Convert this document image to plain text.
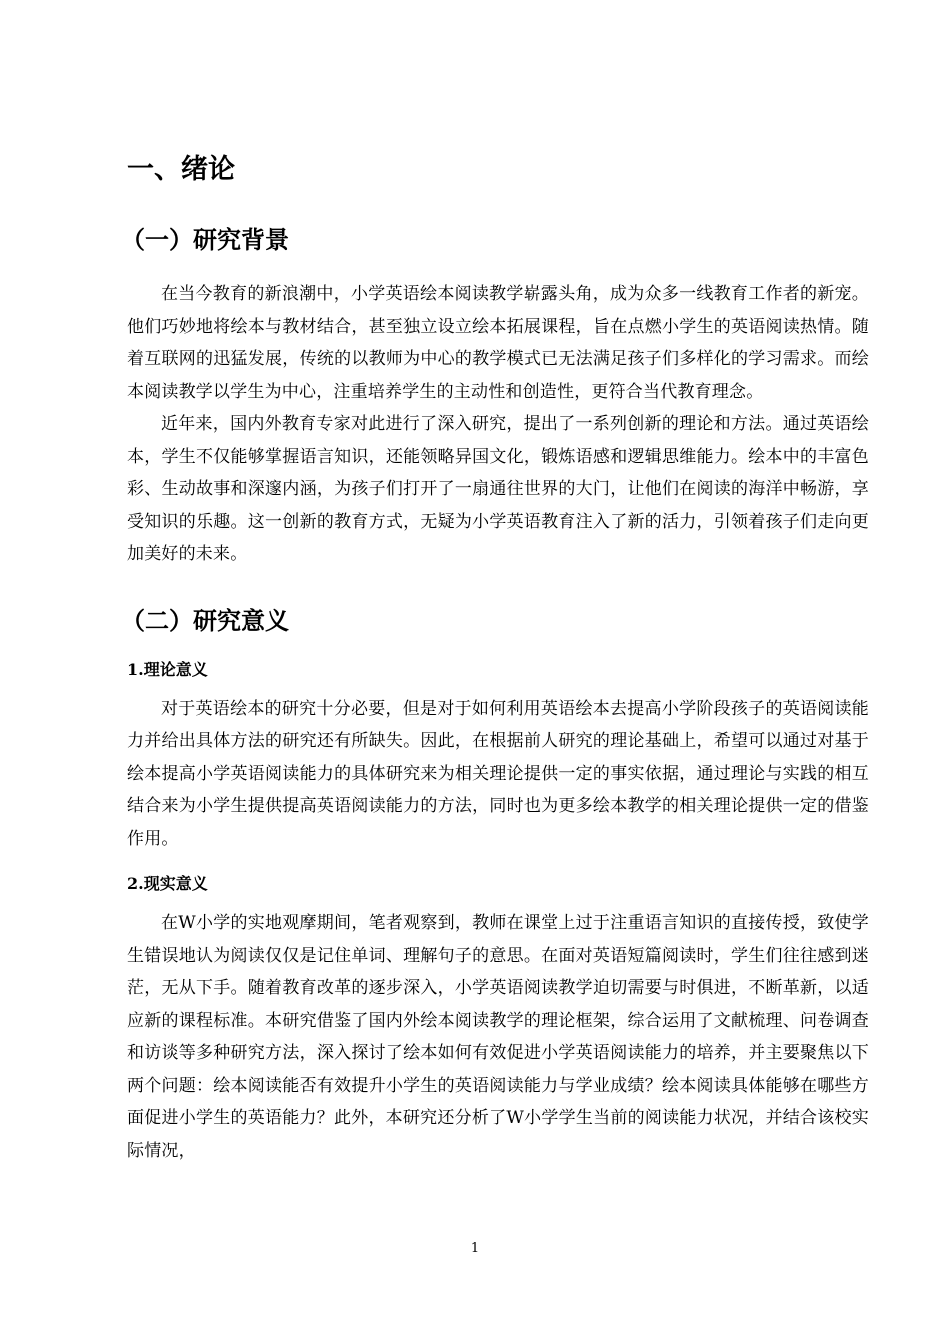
一、绪论
（一）研究背景

在当今教育的新浪潮中，小学英语绘本阅读教学崭露头角，成为众多一线教育工作者的新宠。他们巧妙地将绘本与教材结合，甚至独立设立绘本拓展课程，旨在点燃小学生的英语阅读热情。随着互联网的迅猛发展，传统的以教师为中心的教学模式已无法满足孩子们多样化的学习需求。而绘本阅读教学以学生为中心，注重培养学生的主动性和创造性，更符合当代教育理念。

近年来，国内外教育专家对此进行了深入研究，提出了一系列创新的理论和方法。通过英语绘本，学生不仅能够掌握语言知识，还能领略异国文化，锻炼语感和逻辑思维能力。绘本中的丰富色彩、生动故事和深邃内涵，为孩子们打开了一扇通往世界的大门，让他们在阅读的海洋中畅游，享受知识的乐趣。这一创新的教育方式，无疑为小学英语教育注入了新的活力，引领着孩子们走向更加美好的未来。

（二）研究意义
1.理论意义

对于英语绘本的研究十分必要，但是对于如何利用英语绘本去提高小学阶段孩子的英语阅读能力并给出具体方法的研究还有所缺失。因此，在根据前人研究的理论基础上，希望可以通过对基于绘本提高小学英语阅读能力的具体研究来为相关理论提供一定的事实依据，通过理论与实践的相互结合来为小学生提供提高英语阅读能力的方法，同时也为更多绘本教学的相关理论提供一定的借鉴作用。

2.现实意义

在W小学的实地观摩期间，笔者观察到，教师在课堂上过于注重语言知识的直接传授，致使学生错误地认为阅读仅仅是记住单词、理解句子的意思。在面对英语短篇阅读时，学生们往往感到迷茫，无从下手。随着教育改革的逐步深入，小学英语阅读教学迫切需要与时俱进，不断革新，以适应新的课程标准。本研究借鉴了国内外绘本阅读教学的理论框架，综合运用了文献梳理、问卷调查和访谈等多种研究方法，深入探讨了绘本如何有效促进小学英语阅读能力的培养，并主要聚焦以下两个问题：绘本阅读能否有效提升小学生的英语阅读能力与学业成绩？绘本阅读具体能够在哪些方面促进小学生的英语能力？此外，本研究还分析了W小学学生当前的阅读能力状况，并结合该校实际情况，

1
